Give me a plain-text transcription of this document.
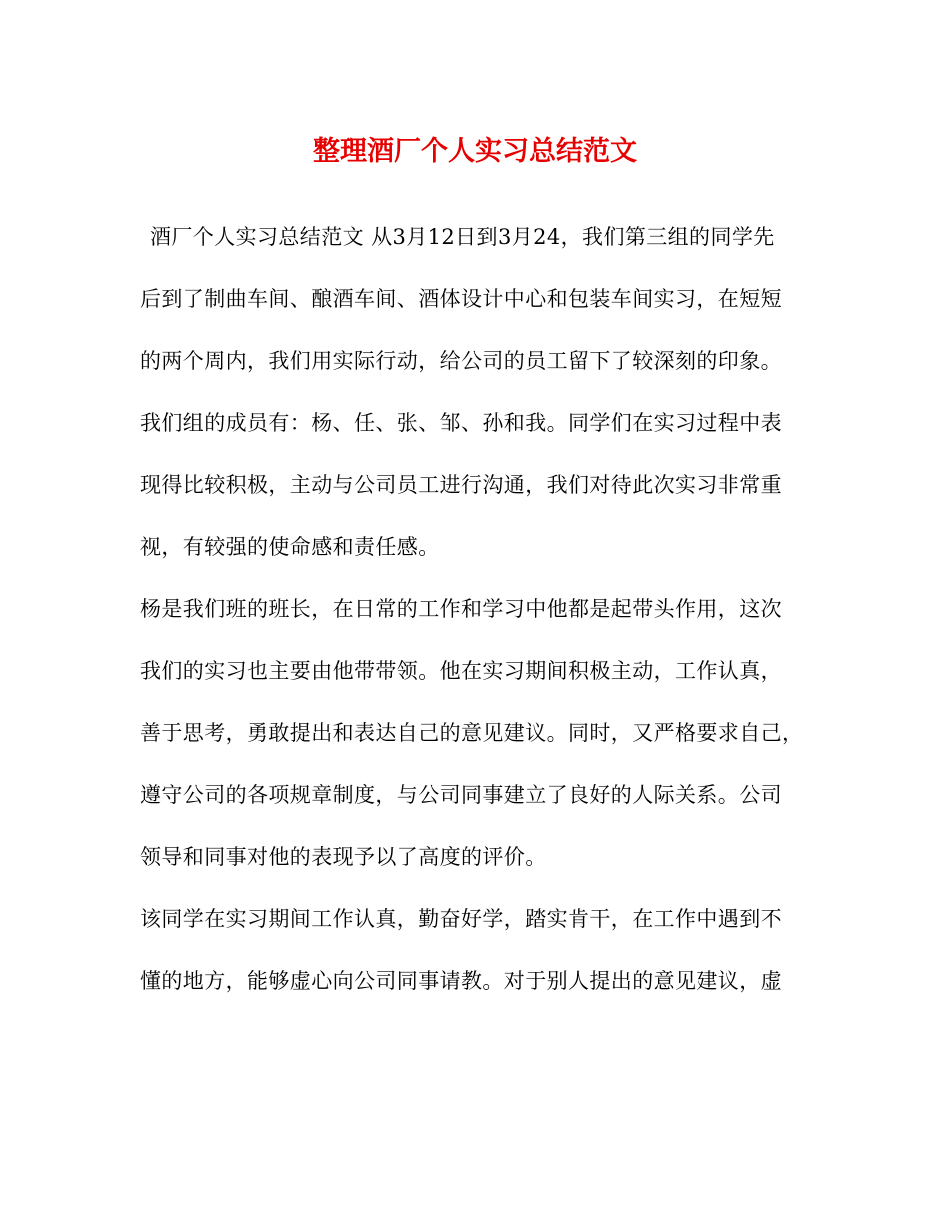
整理酒厂个人实习总结范文
酒厂个人实习总结范文 从3月12日到3月24，我们第三组的同学先
后到了制曲车间、酿酒车间、酒体设计中心和包装车间实习，在短短
的两个周内，我们用实际行动，给公司的员工留下了较深刻的印象。
我们组的成员有：杨、任、张、邹、孙和我。同学们在实习过程中表
现得比较积极，主动与公司员工进行沟通，我们对待此次实习非常重
视，有较强的使命感和责任感。
杨是我们班的班长，在日常的工作和学习中他都是起带头作用，这次
我们的实习也主要由他带带领。他在实习期间积极主动，工作认真，
善于思考，勇敢提出和表达自己的意见建议。同时，又严格要求自己，
遵守公司的各项规章制度，与公司同事建立了良好的人际关系。公司
领导和同事对他的表现予以了高度的评价。
该同学在实习期间工作认真，勤奋好学，踏实肯干，在工作中遇到不
懂的地方，能够虚心向公司同事请教。对于别人提出的意见建议，虚
